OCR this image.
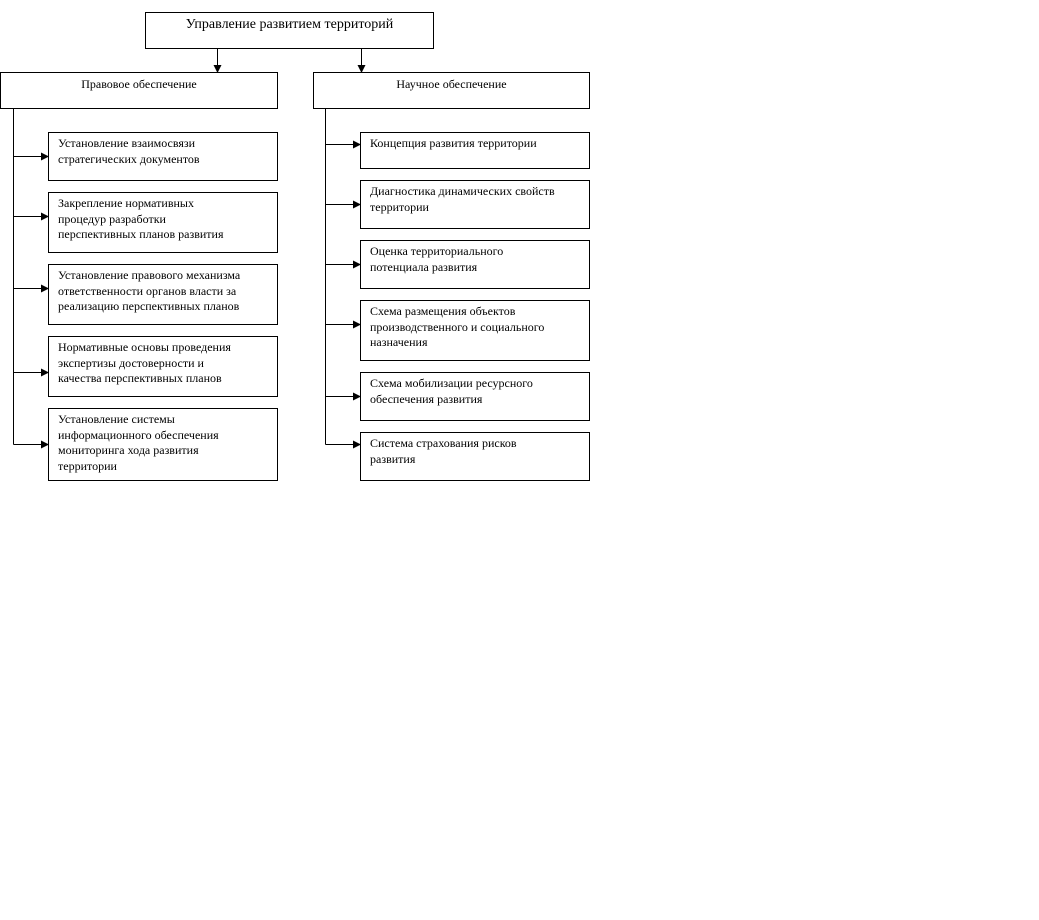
Управление развитием территорий
Правовое обеспечение	Научное обеспечение
Установление взаимосвязи
стратегических документов
Закрепление нормативных
процедур разработки
перспективных планов развития
Установление правового механизма
ответственности органов власти за
реализацию перспективных планов
Нормативные основы проведения
экспертизы достоверности и
качества перспективных планов
Установление системы
информационного обеспечения
мониторинга хода развития
территории
Концепция развития территории
Диагностика динамических свойств
территории
Оценка территориального
потенциала развития
Схема размещения объектов
производственного и социального
назначения
Схема мобилизации ресурсного
обеспечения развития
Система страхования рисков
развития
